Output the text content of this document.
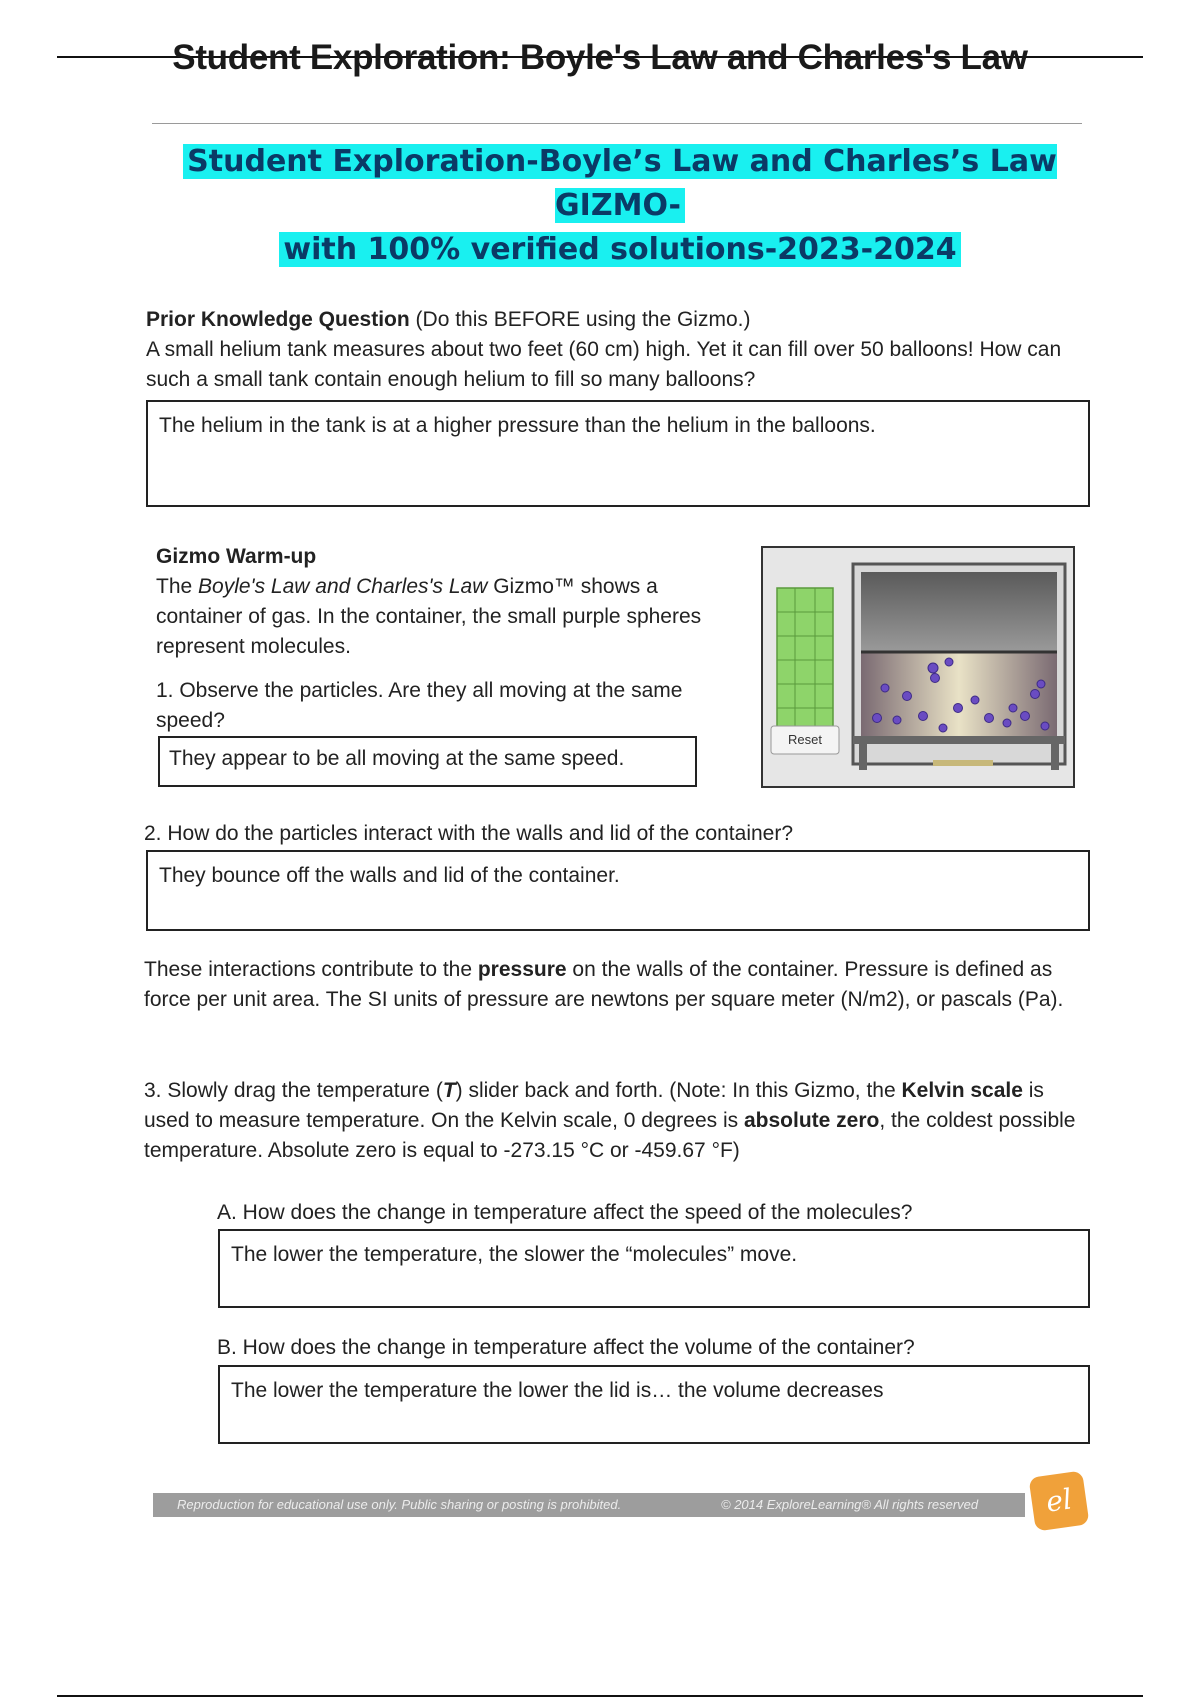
Student Exploration: Boyle's Law and Charles's Law
Student Exploration-Boyle’s Law and Charles’s Law GIZMO-
with 100% verified solutions-2023-2024
Prior Knowledge Question (Do this BEFORE using the Gizmo.)
A small helium tank measures about two feet (60 cm) high. Yet it can fill over 50 balloons! How can such a small tank contain enough helium to fill so many balloons?
The helium in the tank is at a higher pressure than the helium in the balloons.
Gizmo Warm-up
The Boyle's Law and Charles's Law Gizmo™ shows a container of gas. In the container, the small purple spheres represent molecules.
1. Observe the particles. Are they all moving at the same speed?
They appear to be all moving at the same speed.
Reset
2. How do the particles interact with the walls and lid of the container?
They bounce off the walls and lid of the container.
These interactions contribute to the pressure on the walls of the container. Pressure is defined as force per unit area. The SI units of pressure are newtons per square meter (N/m2), or pascals (Pa).
3. Slowly drag the temperature (T) slider back and forth. (Note: In this Gizmo, the Kelvin scale is used to measure temperature. On the Kelvin scale, 0 degrees is absolute zero, the coldest possible temperature. Absolute zero is equal to -273.15 °C or -459.67 °F)
A. How does the change in temperature affect the speed of the molecules?
The lower the temperature, the slower the “molecules” move.
B. How does the change in temperature affect the volume of the container?
The lower the temperature the lower the lid is… the volume decreases
Reproduction for educational use only. Public sharing or posting is prohibited.	© 2014 ExploreLearning® All rights reserved	el
